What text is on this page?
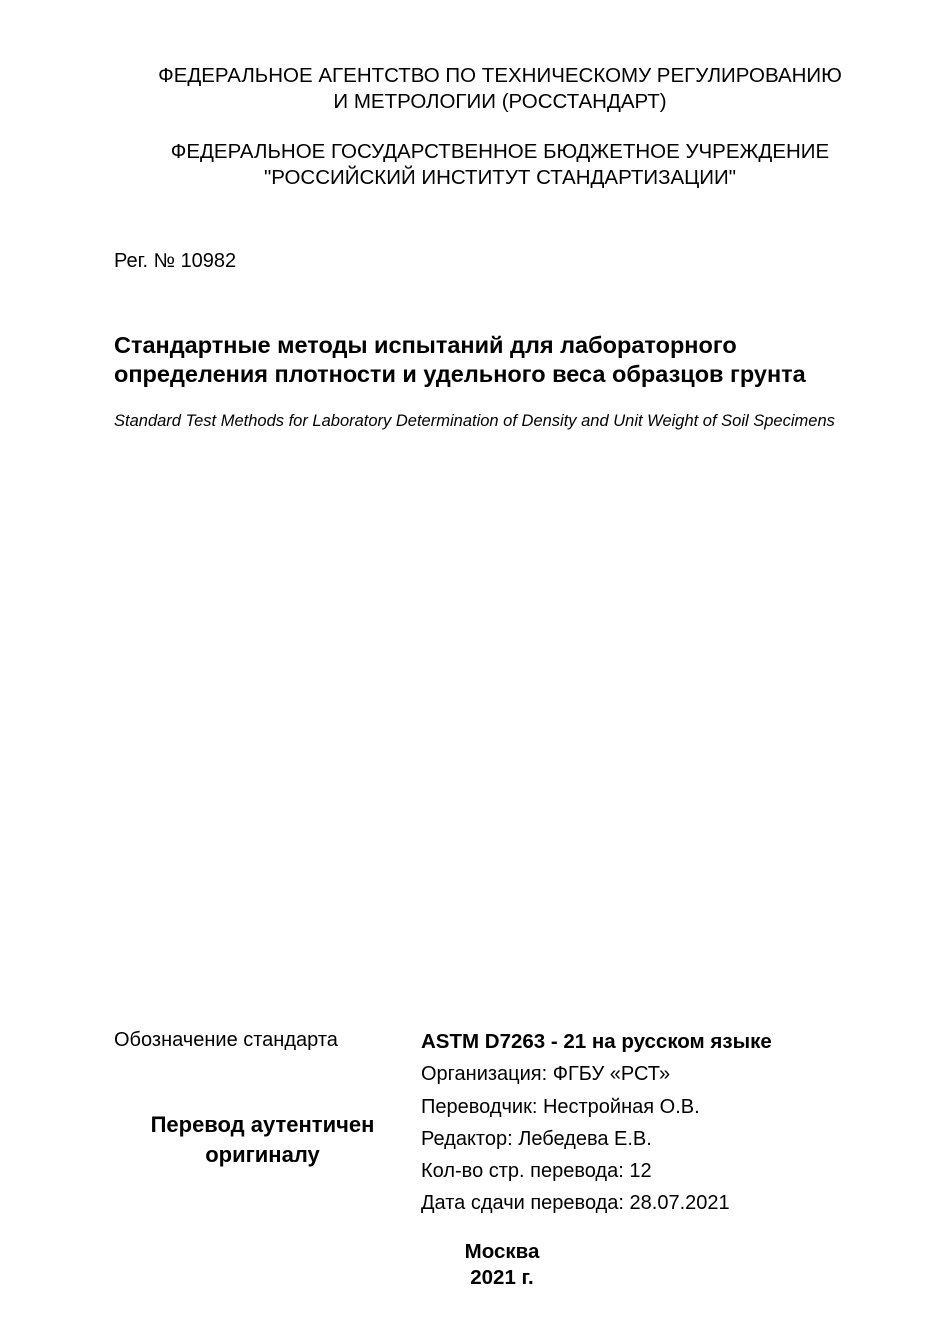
ФЕДЕРАЛЬНОЕ АГЕНТСТВО ПО ТЕХНИЧЕСКОМУ РЕГУЛИРОВАНИЮ
И МЕТРОЛОГИИ (РОССТАНДАРТ)
ФЕДЕРАЛЬНОЕ ГОСУДАРСТВЕННОЕ БЮДЖЕТНОЕ УЧРЕЖДЕНИЕ
"РОССИЙСКИЙ ИНСТИТУТ СТАНДАРТИЗАЦИИ"
Рег. № 10982
Стандартные методы испытаний для лабораторного
определения плотности и удельного веса образцов грунта
Standard Test Methods for Laboratory Determination of Density and Unit Weight of Soil Specimens
Обозначение стандарта
Перевод аутентичен
оригиналу
ASTM D7263 - 21 на русском языке
Организация: ФГБУ «РСТ»
Переводчик: Нестройная О.В.
Редактор: Лебедева Е.В.
Кол-во стр. перевода: 12
Дата сдачи перевода: 28.07.2021
Москва
2021 г.
